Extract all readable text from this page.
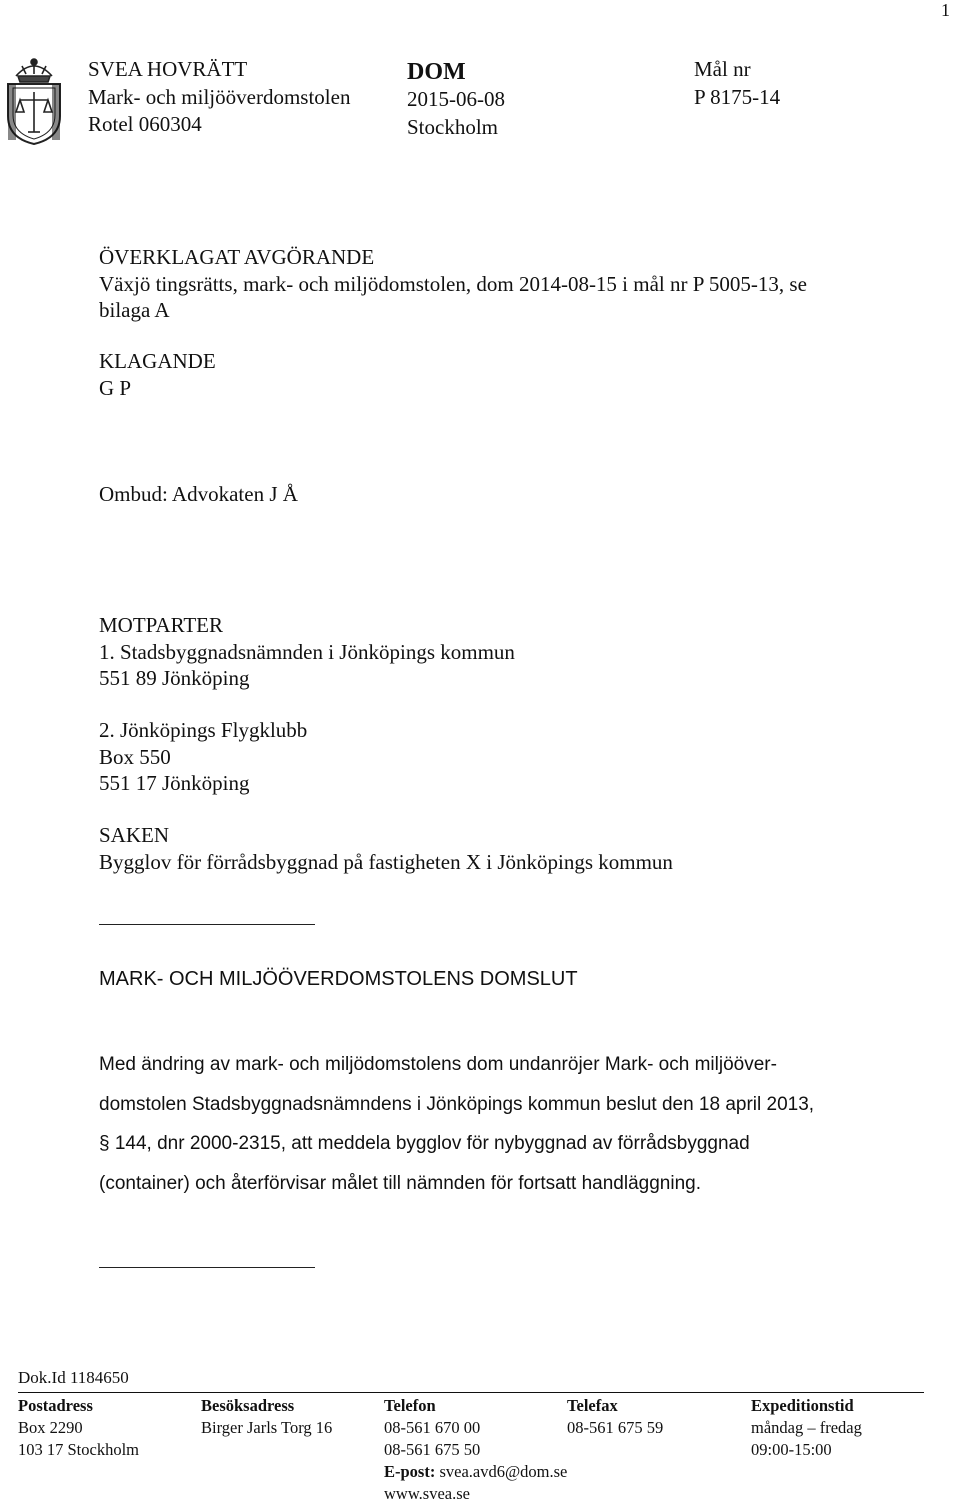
1
SVEA HOVRÄTT
Mark- och miljööverdomstolen
Rotel 060304
DOM
2015-06-08
Stockholm
Mål nr
P 8175-14
ÖVERKLAGAT AVGÖRANDE
Växjö tingsrätts, mark- och miljödomstolen, dom 2014-08-15 i mål nr P 5005-13, se
bilaga A
KLAGANDE
G P
Ombud: Advokaten J Å
MOTPARTER
1. Stadsbyggnadsnämnden i Jönköpings kommun
551 89 Jönköping
2. Jönköpings Flygklubb
Box 550
551 17 Jönköping
SAKEN
Bygglov för förrådsbyggnad på fastigheten X i Jönköpings kommun
MARK- OCH MILJÖÖVERDOMSTOLENS DOMSLUT
Med ändring av mark- och miljödomstolens dom undanröjer Mark- och miljööver-
domstolen Stadsbyggnadsnämndens i Jönköpings kommun beslut den 18 april 2013,
§ 144, dnr 2000-2315, att meddela bygglov för nybyggnad av förrådsbyggnad
(container) och återförvisar målet till nämnden för fortsatt handläggning.
Dok.Id 1184650
Postadress
Box 2290
103 17 Stockholm
Besöksadress
Birger Jarls Torg 16
Telefon
08-561 670 00
08-561 675 50
E-post: svea.avd6@dom.se
www.svea.se
Telefax
08-561 675 59
Expeditionstid
måndag – fredag
09:00-15:00
